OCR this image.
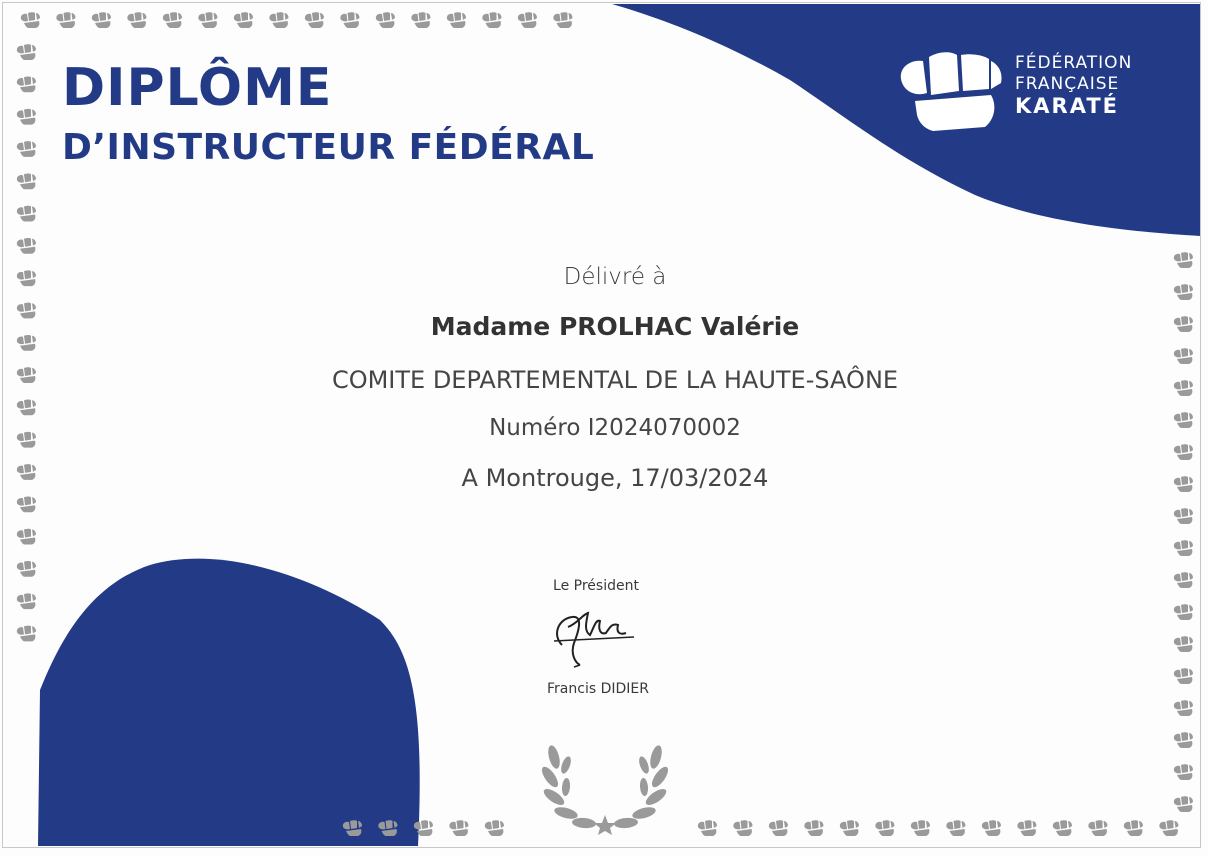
DIPLÔME
D’INSTRUCTEUR FÉDÉRAL
FÉDÉRATION
FRANÇAISE
KARATÉ
Délivré à
Madame PROLHAC Valérie
COMITE DEPARTEMENTAL DE LA HAUTE-SAÔNE
Numéro I2024070002
A Montrouge, 17/03/2024
Le Président
Francis DIDIER
